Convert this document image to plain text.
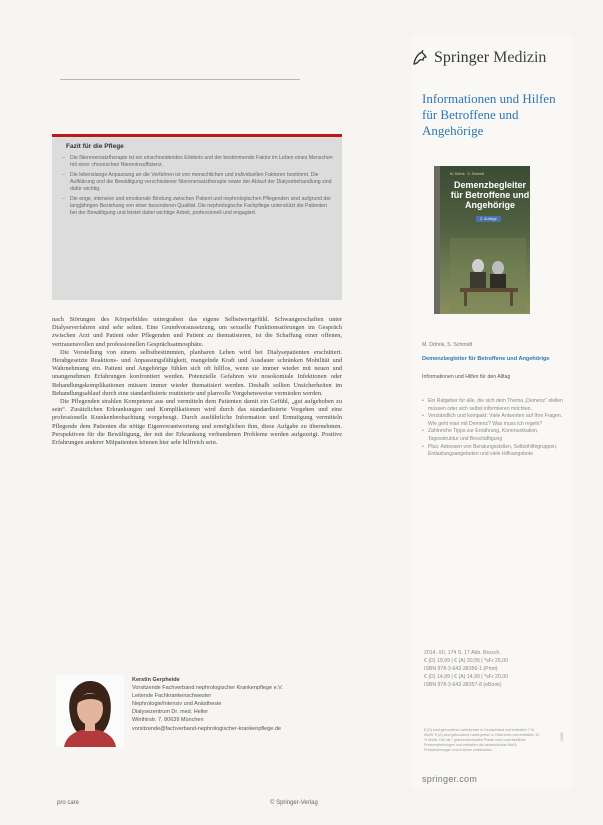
Fazit für die Pflege
– Die Nierenersatztherapie ist ein einschneidendes Erlebnis und der bestimmende Faktor im Leben eines Menschen mit einer chronischen Niereninsuffizienz.
– Die lebenslange Anpassung an die Verfahren ist von menschlichen und individuellen Faktoren bestimmt. Die Aufklärung und die Bewältigung verschiedener Nierenersatztherapie sowie der Ablauf der Dialysebehandlung sind dafür wichtig.
– Die enge, intensive und emotionale Bindung zwischen Patient und nephrologischen Pflegenden sind aufgrund der langjährigen Beziehung von einer besonderen Qualität. Die nephrologische Fachpflege unterstützt die Patienten bei der Bewältigung und leistet dabei wichtige Arbeit, professionell und engagiert.

nach Störungen des Körperbildes untergraben das eigene Selbstwertgefühl. Schwangerschaften unter Dialyseverfahren sind sehr selten. Eine Grundvoraussetzung, um sexuelle Funktionsstörungen im Gespräch zwischen Arzt und Patient oder Pflegenden und Patient zu thematisieren, ist die Schaffung einer offenen, vertrauensvollen und professionellen Gesprächsatmosphäre.

Die Vorstellung von einem selbstbestimmten, planbaren Leben wird bei Dialysepatienten erschüttert. Herabgesetzte Reaktions- und Anpassungsfähigkeit, mangelnde Kraft und Ausdauer schränken Mobilität und Wahrnehmung ein. Patient und Angehörige fühlen sich oft hilflos, wenn sie immer wieder mit neuen und unangenehmen Erfahrungen konfrontiert werden. Potenzielle Gefahren wie nosokomiale Infektionen oder Behandlungskomplikationen müssen immer wieder thematisiert werden. Deshalb sollten Unsicherheiten im Behandlungsablauf durch eine standardisierte routinierte und planvolle Vorgehensweise vermieden werden.

Die Pflegenden strahlen Kompetenz aus und vermitteln dem Patienten damit ein Gefühl, „gut aufgehoben zu sein“. Zusätzlichen Erkrankungen und Komplikationen wird durch das standardisierte Vorgehen und eine professionelle Krankenbeobachtung vorgebeugt. Durch ausführliche Information und Ermutigung vermitteln Pflegende dem Patienten die nötige Eigenverantwortung und ermöglichen ihm, diese Aufgabe zu übernehmen. Perspektiven für die Bewältigung, der mit der Erkrankung verbundenen Probleme werden aufgezeigt. Positive Erfahrungen anderer Mitpatienten können hier sehr hilfreich sein.

Kerstin Gerpheide
Vorsitzende Fachverband nephrologischer Krankenpflege e.V.
Leitende Fachkrankenschwester
Nephrologie/Intensiv und Anästhesie
Dialysezentrum Dr. med. Heller
Winthirstr. 7, 80639 München
vorsitzende@fachverband-nephrologischer-krankenpflege.de
pro care	© Springer-Verlag
Springer Medizin
Informationen und Hilfen für Betroffene und Angehörige
M. Döhnk · S. Schmidt
Demenzbegleiter für Betroffene und Angehörige
2. Auflage
M. Döhnk, S. Schmidt
Demenzbegleiter für Betroffene und Angehörige
Informationen und Hilfen für den Alltag
• Ein Ratgeber für alle, die sich dem Thema „Demenz“ stellen müssen oder sich selbst informieren möchten.
• Verständlich und kompakt: Viele Antworten auf Ihre Fragen. Wie geht man mit Demenz? Was muss ich regeln?
• Zahlreiche Tipps zur Ernährung, Kommunikation, Tagesstruktur und Beschäftigung
• Plus: Adressen von Beratungsstellen, Selbsthilfegruppen, Entlastungsangeboten und viele Hilfsangebote
2014. XII, 174 S. 17 Abb. Brosch.
€ (D) 19,99 | € (A) 20,55 | *sFr 25,00
ISBN 978-3-642-38356-1 (Print)
€ (D) 14,99 | € (A) 14,99 | *sFr 20,00
ISBN 978-3-642-38357-8 (eBook)
€ (D) sind gebundene Ladenpreise in Deutschland und enthalten 7 % MwSt. € (A) sind gebundene Ladenpreise in Österreich und enthalten 10 % MwSt. Die mit * gekennzeichneten Preise sind unverbindliche Preisempfehlungen und enthalten die landesübliche MwSt. Preisänderungen und Irrtümer vorbehalten.
13080
springer.com
